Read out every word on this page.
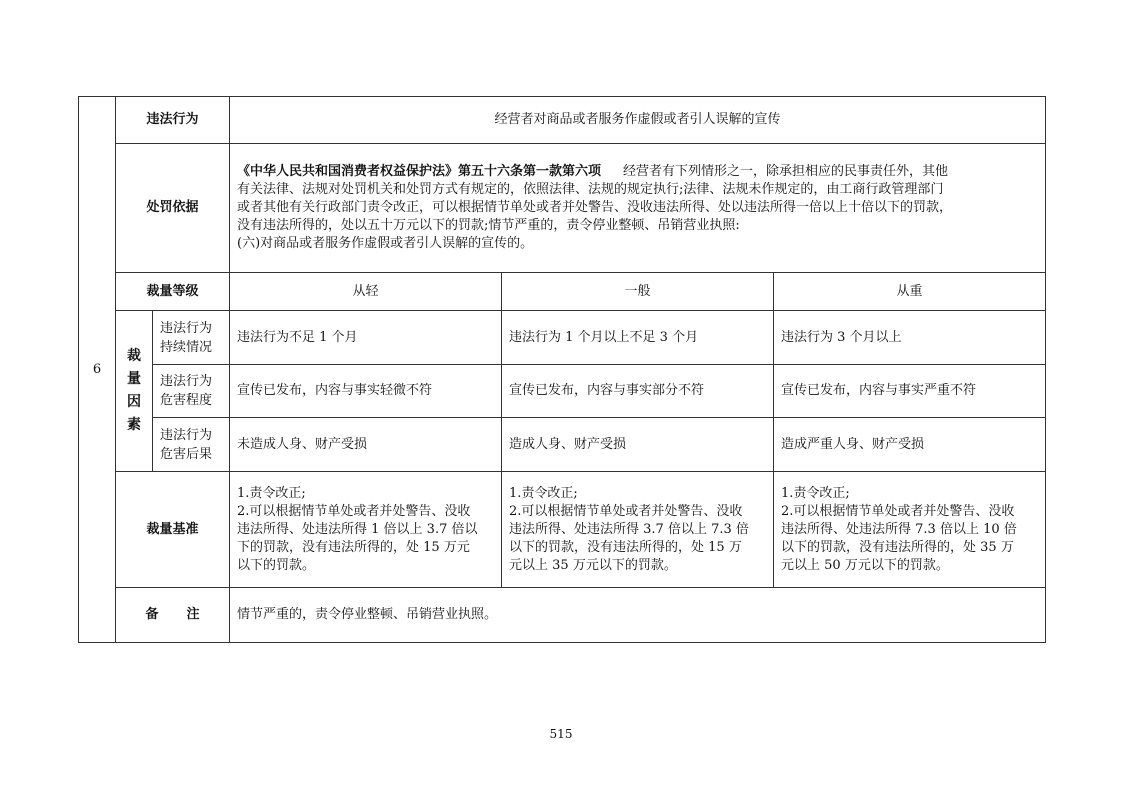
6	违法行为		经营者对商品或者服务作虚假或者引人误解的宣传		
	处罚依据		《中华人民共和国消费者权益保护法》第五十六条第一款第六项 经营者有下列情形之一，除承担相应的民事责任外，其他
有关法律、法规对处罚机关和处罚方式有规定的，依照法律、法规的规定执行;法律、法规未作规定的，由工商行政管理部门
或者其他有关行政部门责令改正，可以根据情节单处或者并处警告、没收违法所得、处以违法所得一倍以上十倍以下的罚款，
没有违法所得的，处以五十万元以下的罚款;情节严重的，责令停业整顿、吊销营业执照:
(六)对商品或者服务作虚假或者引人误解的宣传的。		

	裁量等级		从轻	一般	从重

	裁
量
因
素	违法行为
持续情况	违法行为不足 1 个月	违法行为 1 个月以上不足 3 个月	违法行为 3 个月以上

		违法行为
危害程度	宣传已发布，内容与事实轻微不符	宣传已发布，内容与事实部分不符	宣传已发布，内容与事实严重不符

		违法行为
危害后果	未造成人身、财产受损	造成人身、财产受损	造成严重人身、财产受损
	裁量基准		1.责令改正;
2.可以根据情节单处或者并处警告、没收
违法所得、处违法所得 1 倍以上 3.7 倍以
下的罚款，没有违法所得的，处 15 万元
以下的罚款。	1.责令改正;
2.可以根据情节单处或者并处警告、没收
违法所得、处违法所得 3.7 倍以上 7.3 倍
以下的罚款，没有违法所得的，处 15 万
元以上 35 万元以下的罚款。	1.责令改正;
2.可以根据情节单处或者并处警告、没收
违法所得、处违法所得 7.3 倍以上 10 倍
以下的罚款，没有违法所得的，处 35 万
元以上 50 万元以下的罚款。

	备 注		情节严重的，责令停业整顿、吊销营业执照。		
515
